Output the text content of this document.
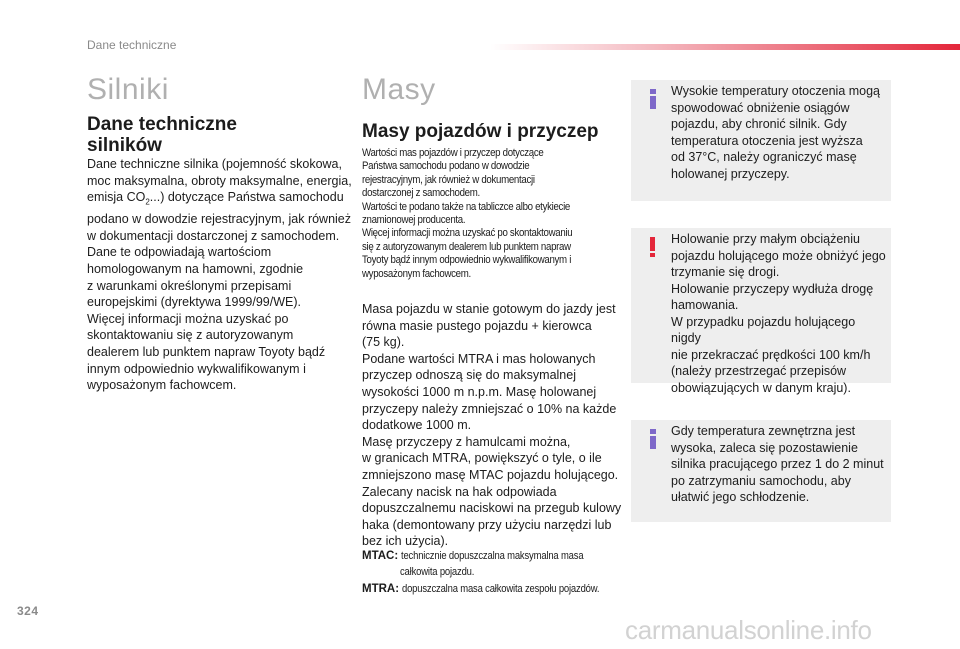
Dane techniczne
Silniki
Dane techniczne
silników
Dane techniczne silnika (pojemność skokowa,
moc maksymalna, obroty maksymalne, energia,
emisja $CO_2$...) dotyczące Państwa samochodu
podano w dowodzie rejestracyjnym, jak również
w dokumentacji dostarczonej z samochodem.
Dane te odpowiadają wartościom
homologowanym na hamowni, zgodnie
z warunkami określonymi przepisami
europejskimi (dyrektywa 1999/99/WE).
Więcej informacji można uzyskać po
skontaktowaniu się z autoryzowanym
dealerem lub punktem napraw Toyoty bądź
innym odpowiednio wykwalifikowanym i
wyposażonym fachowcem.
Masy
Masy pojazdów i przyczep
Wartości mas pojazdów i przyczep dotyczące
Państwa samochodu podano w dowodzie
rejestracyjnym, jak również w dokumentacji
dostarczonej z samochodem.
Wartości te podano także na tabliczce albo etykiecie
znamionowej producenta.
Więcej informacji można uzyskać po skontaktowaniu
się z autoryzowanym dealerem lub punktem napraw
Toyoty bądź innym odpowiednio wykwalifikowanym i
wyposażonym fachowcem.
Masa pojazdu w stanie gotowym do jazdy jest
równa masie pustego pojazdu + kierowca
(75 kg).
Podane wartości MTRA i mas holowanych
przyczep odnoszą się do maksymalnej
wysokości 1000 m n.p.m. Masę holowanej
przyczepy należy zmniejszać o 10% na każde
dodatkowe 1000 m.
Masę przyczepy z hamulcami można,
w granicach MTRA, powiększyć o tyle, o ile
zmniejszono masę MTAC pojazdu holującego.
Zalecany nacisk na hak odpowiada
dopuszczalnemu naciskowi na przegub kulowy
haka (demontowany przy użyciu narzędzi lub
bez ich użycia).
MTAC: technicznie dopuszczalna maksymalna masa
całkowita pojazdu.
MTRA: dopuszczalna masa całkowita zespołu pojazdów.
Wysokie temperatury otoczenia mogą
spowodować obniżenie osiągów
pojazdu, aby chronić silnik. Gdy
temperatura otoczenia jest wyższa
od 37°C, należy ograniczyć masę
holowanej przyczepy.
Holowanie przy małym obciążeniu
pojazdu holującego może obniżyć jego
trzymanie się drogi.
Holowanie przyczepy wydłuża drogę
hamowania.
W przypadku pojazdu holującego nigdy
nie przekraczać prędkości 100 km/h
(należy przestrzegać przepisów
obowiązujących w danym kraju).
Gdy temperatura zewnętrzna jest
wysoka, zaleca się pozostawienie
silnika pracującego przez 1 do 2 minut
po zatrzymaniu samochodu, aby
ułatwić jego schłodzenie.
324
carmanualsonline.info
